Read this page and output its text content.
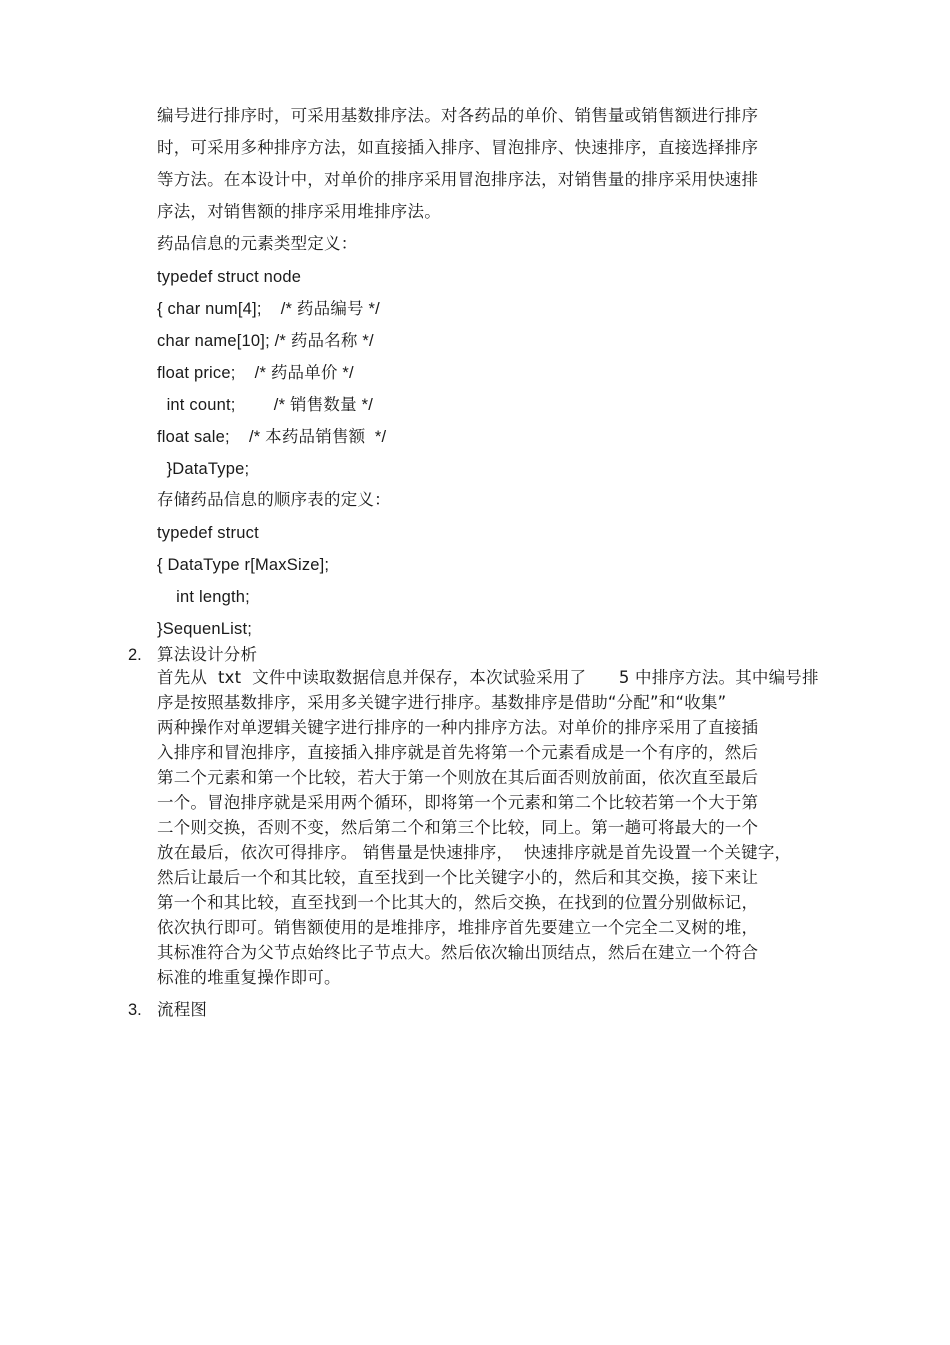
编号进行排序时，可采用基数排序法。对各药品的单价、销售量或销售额进行排序
时，可采用多种排序方法，如直接插入排序、冒泡排序、快速排序，直接选择排序
等方法。在本设计中，对单价的排序采用冒泡排序法，对销售量的排序采用快速排
序法，对销售额的排序采用堆排序法。
药品信息的元素类型定义：
typedef struct node
{ char num[4];    /* 药品编号 */
char name[10]; /* 药品名称 */
float price;    /* 药品单价 */
int count;        /* 销售数量 */
float sale;    /* 本药品销售额  */
}DataType;
存储药品信息的顺序表的定义：
typedef struct
{ DataType r[MaxSize];
int length;
}SequenList;
2. 算法设计分析
首先从  txt  文件中读取数据信息并保存，本次试验采用了      5 中排序方法。其中编号排
序是按照基数排序，采用多关键字进行排序。基数排序是借助“分配”和“收集”
两种操作对单逻辑关键字进行排序的一种内排序方法。对单价的排序采用了直接插
入排序和冒泡排序，直接插入排序就是首先将第一个元素看成是一个有序的，然后
第二个元素和第一个比较，若大于第一个则放在其后面否则放前面，依次直至最后
一个。冒泡排序就是采用两个循环，即将第一个元素和第二个比较若第一个大于第
二个则交换，否则不变，然后第二个和第三个比较，同上。第一趟可将最大的一个
放在最后，依次可得排序。 销售量是快速排序，  快速排序就是首先设置一个关键字，
然后让最后一个和其比较，直至找到一个比关键字小的，然后和其交换，接下来让
第一个和其比较，直至找到一个比其大的，然后交换，在找到的位置分别做标记，
依次执行即可。销售额使用的是堆排序，堆排序首先要建立一个完全二叉树的堆，
其标准符合为父节点始终比子节点大。然后依次输出顶结点，然后在建立一个符合
标准的堆重复操作即可。
3. 流程图
